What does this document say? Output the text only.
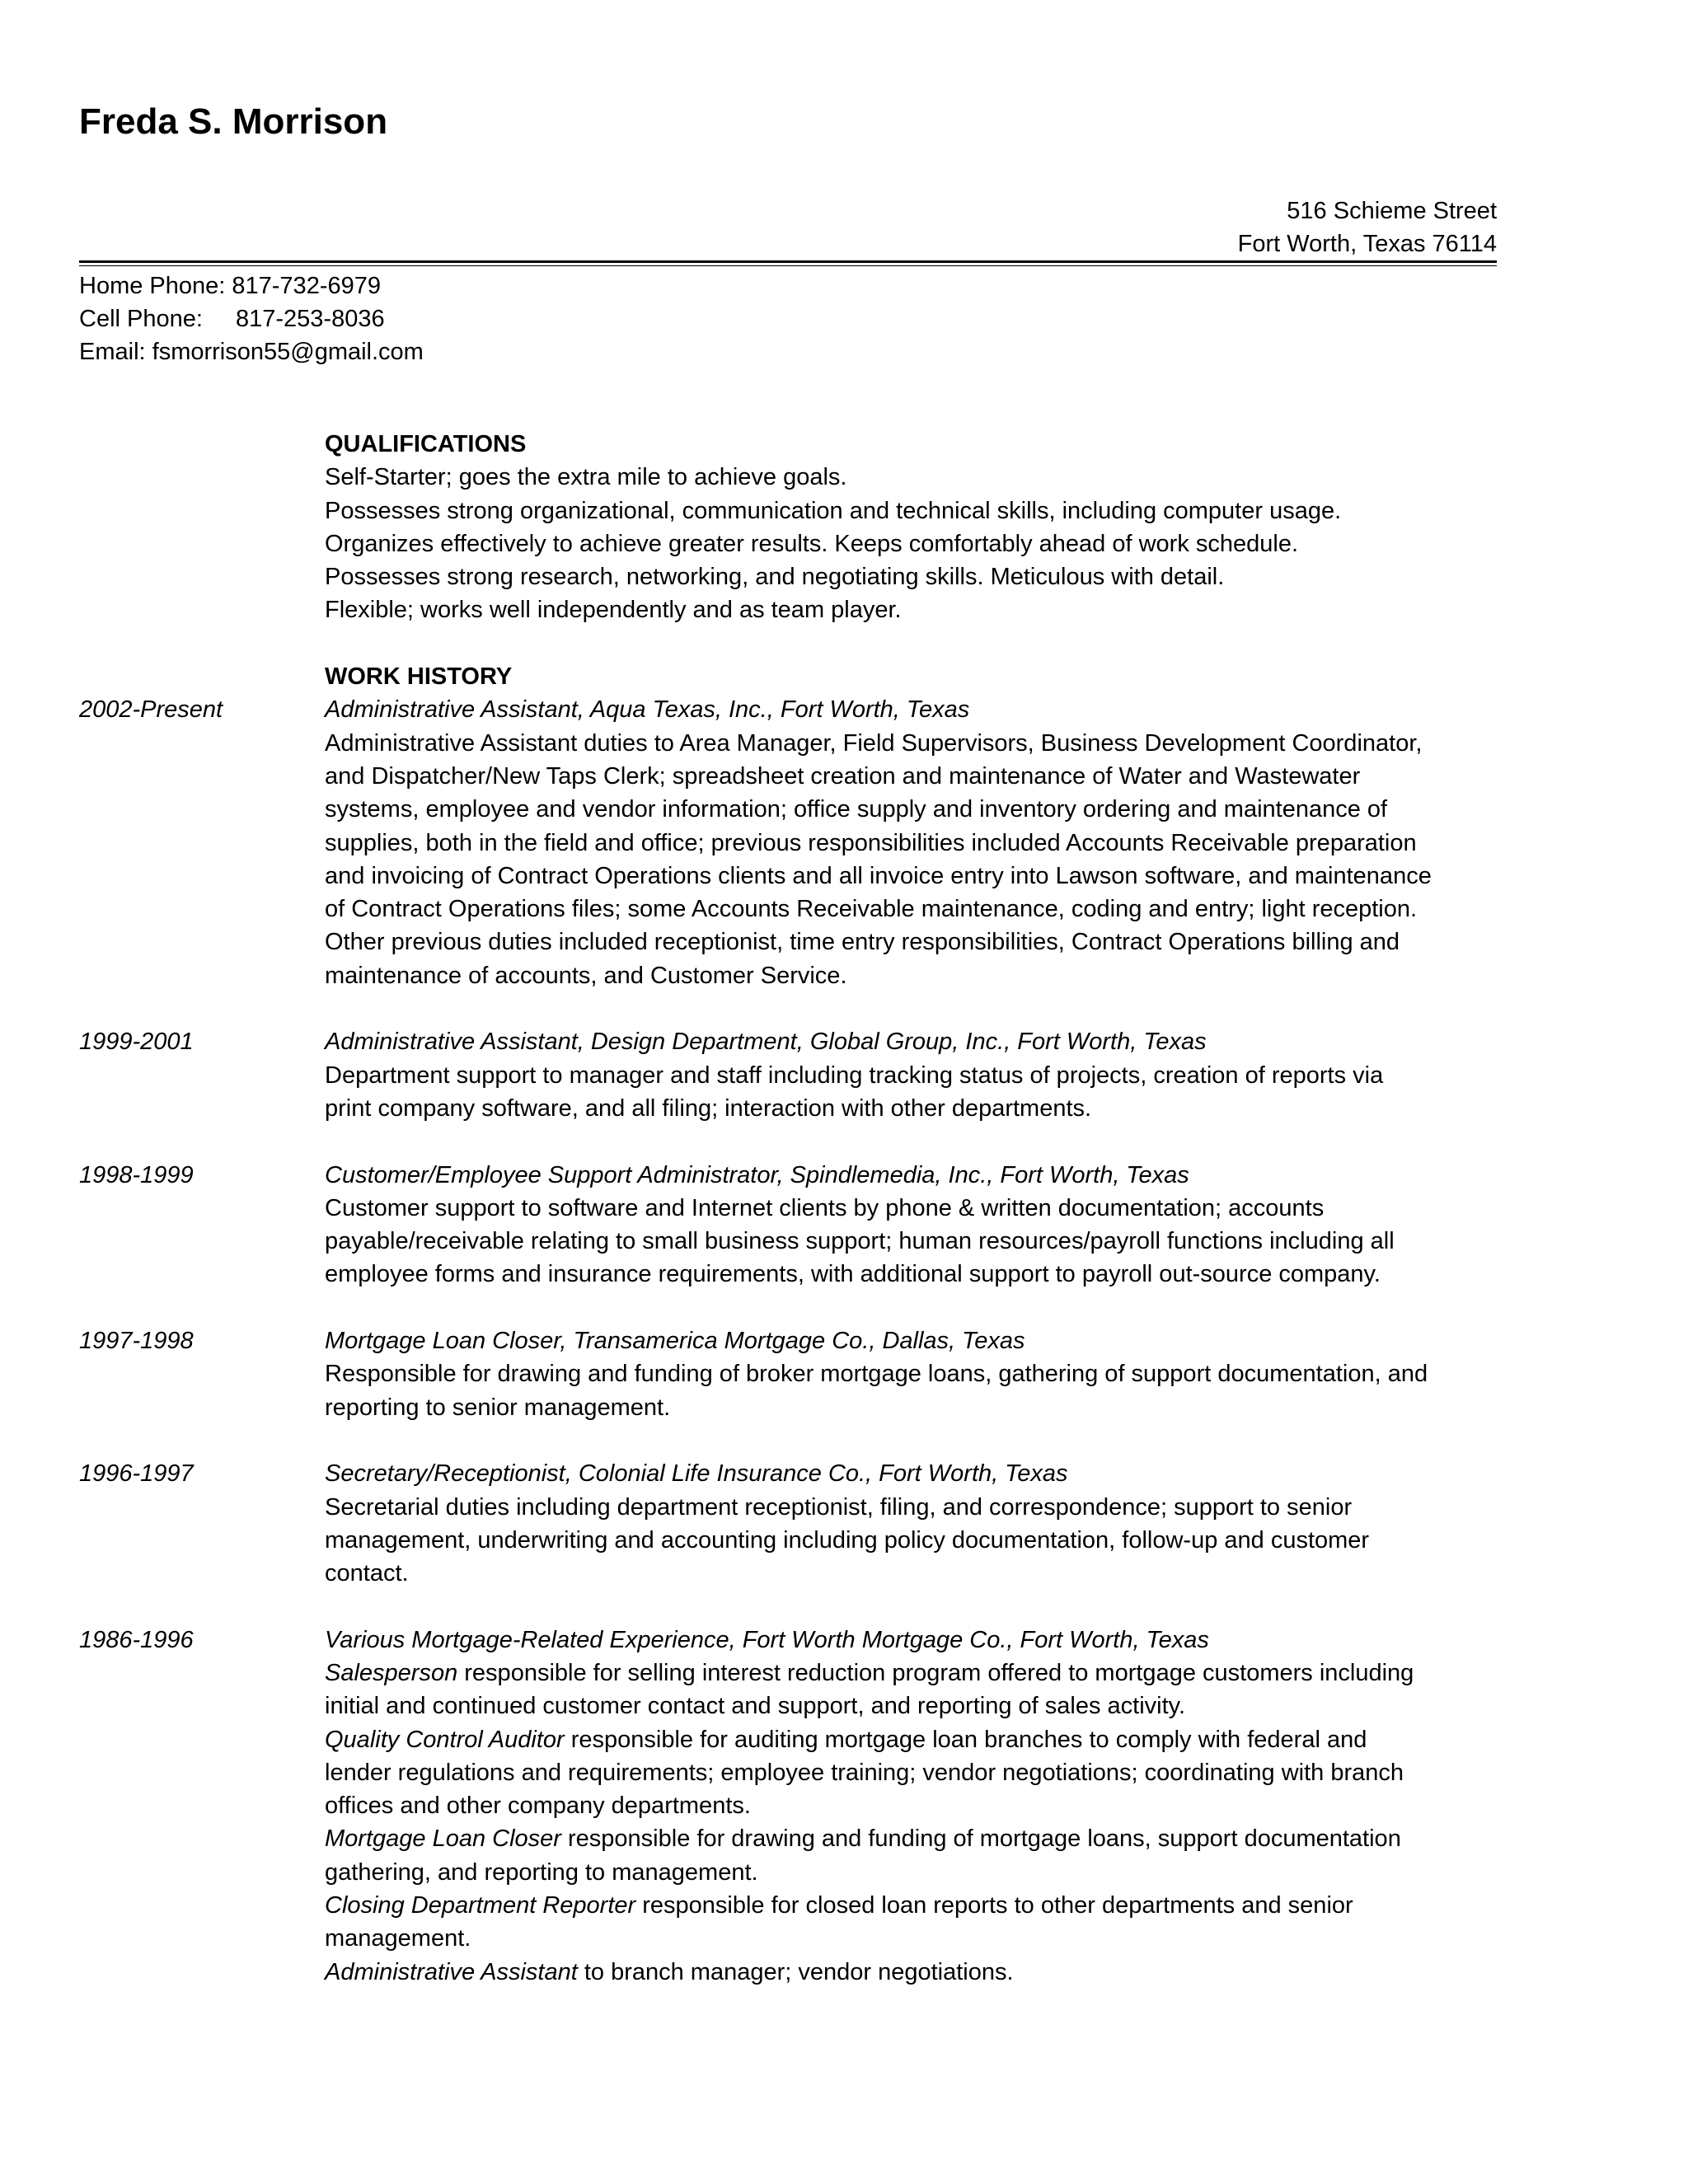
Freda S. Morrison
516 Schieme Street
Fort Worth, Texas 76114
Home Phone: 817-732-6979
Cell Phone: 817-253-8036
Email: fsmorrison55@gmail.com
QUALIFICATIONS
Self-Starter; goes the extra mile to achieve goals.
Possesses strong organizational, communication and technical skills, including computer usage.
Organizes effectively to achieve greater results. Keeps comfortably ahead of work schedule.
Possesses strong research, networking, and negotiating skills. Meticulous with detail.
Flexible; works well independently and as team player.
WORK HISTORY
2002-Present	Administrative Assistant, Aqua Texas, Inc., Fort Worth, Texas
Administrative Assistant duties to Area Manager, Field Supervisors, Business Development Coordinator,
and Dispatcher/New Taps Clerk; spreadsheet creation and maintenance of Water and Wastewater
systems, employee and vendor information; office supply and inventory ordering and maintenance of
supplies, both in the field and office; previous responsibilities included Accounts Receivable preparation
and invoicing of Contract Operations clients and all invoice entry into Lawson software, and maintenance
of Contract Operations files; some Accounts Receivable maintenance, coding and entry; light reception.
Other previous duties included receptionist, time entry responsibilities, Contract Operations billing and
maintenance of accounts, and Customer Service.
1999-2001	Administrative Assistant, Design Department, Global Group, Inc., Fort Worth, Texas
Department support to manager and staff including tracking status of projects, creation of reports via
print company software, and all filing; interaction with other departments.
1998-1999	Customer/Employee Support Administrator, Spindlemedia, Inc., Fort Worth, Texas
Customer support to software and Internet clients by phone & written documentation; accounts
payable/receivable relating to small business support; human resources/payroll functions including all
employee forms and insurance requirements, with additional support to payroll out-source company.
1997-1998	Mortgage Loan Closer, Transamerica Mortgage Co., Dallas, Texas
Responsible for drawing and funding of broker mortgage loans, gathering of support documentation, and
reporting to senior management.
1996-1997	Secretary/Receptionist, Colonial Life Insurance Co., Fort Worth, Texas
Secretarial duties including department receptionist, filing, and correspondence; support to senior
management, underwriting and accounting including policy documentation, follow-up and customer
contact.
1986-1996	Various Mortgage-Related Experience, Fort Worth Mortgage Co., Fort Worth, Texas
Salesperson responsible for selling interest reduction program offered to mortgage customers including
initial and continued customer contact and support, and reporting of sales activity.
Quality Control Auditor responsible for auditing mortgage loan branches to comply with federal and
lender regulations and requirements; employee training; vendor negotiations; coordinating with branch
offices and other company departments.
Mortgage Loan Closer responsible for drawing and funding of mortgage loans, support documentation
gathering, and reporting to management.
Closing Department Reporter responsible for closed loan reports to other departments and senior
management.
Administrative Assistant to branch manager; vendor negotiations.
